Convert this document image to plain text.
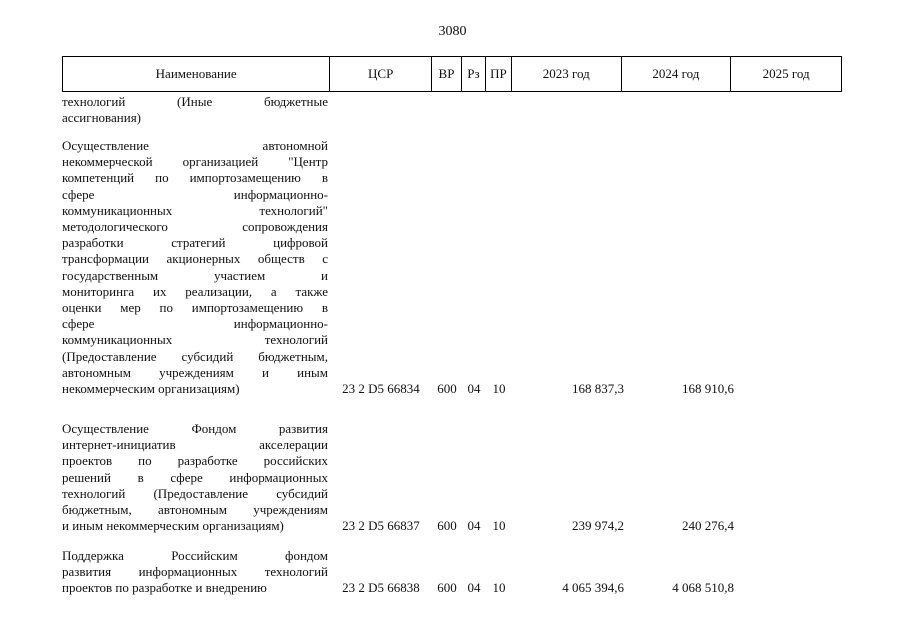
3080
Наименование	ЦСР	ВР Рз ПР	2023 год	2024 год	2025 год
технологий (Иные бюджетные
ассигнования)
Осуществление автономной
некоммерческой организацией "Центр
компетенций по импортозамещению в
сфере информационно-
коммуникационных технологий"
методологического сопровождения
разработки стратегий цифровой
трансформации акционерных обществ с
государственным участием и
мониторинга их реализации, а также
оценки мер по импортозамещению в
сфере информационно-
коммуникационных технологий
(Предоставление субсидий бюджетным,
автономным учреждениям и иным
некоммерческим организациям)	23 2 D5 66834	600 04 10	168 837,3	168 910,6
Осуществление Фондом развития
интернет-инициатив акселерации
проектов по разработке российских
решений в сфере информационных
технологий (Предоставление субсидий
бюджетным, автономным учреждениям
и иным некоммерческим организациям)	23 2 D5 66837	600 04 10	239 974,2	240 276,4
Поддержка Российским фондом
развития информационных технологий
проектов по разработке и внедрению	23 2 D5 66838	600 04 10	4 065 394,6	4 068 510,8
